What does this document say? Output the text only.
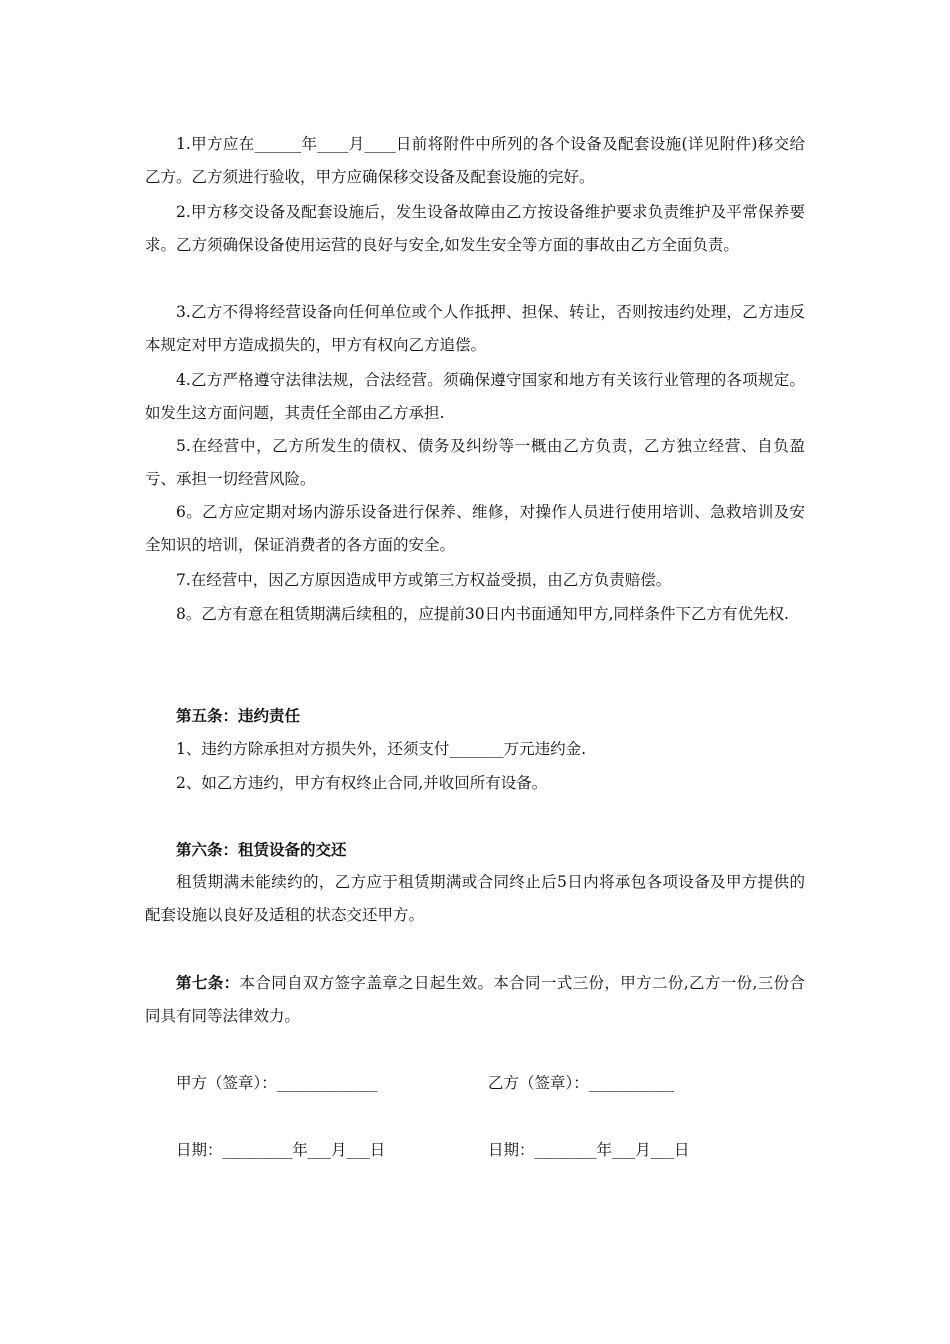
1.甲方应在______年____月____日前将附件中所列的各个设备及配套设施(详见附件)移交给乙方。乙方须进行验收，甲方应确保移交设备及配套设施的完好。

2.甲方移交设备及配套设施后，发生设备故障由乙方按设备维护要求负责维护及平常保养要求。乙方须确保设备使用运营的良好与安全,如发生安全等方面的事故由乙方全面负责。

3.乙方不得将经营设备向任何单位或个人作抵押、担保、转让，否则按违约处理，乙方违反本规定对甲方造成损失的，甲方有权向乙方追偿。

4.乙方严格遵守法律法规，合法经营。须确保遵守国家和地方有关该行业管理的各项规定。如发生这方面问题，其责任全部由乙方承担.

5.在经营中，乙方所发生的债权、债务及纠纷等一概由乙方负责，乙方独立经营、自负盈亏、承担一切经营风险。

6。乙方应定期对场内游乐设备进行保养、维修，对操作人员进行使用培训、急救培训及安全知识的培训，保证消费者的各方面的安全。

7.在经营中，因乙方原因造成甲方或第三方权益受损，由乙方负责赔偿。

8。乙方有意在租赁期满后续租的，应提前30日内书面通知甲方,同样条件下乙方有优先权.

第五条：违约责任

1、违约方除承担对方损失外，还须支付_______万元违约金.
2、如乙方违约，甲方有权终止合同,并收回所有设备。

第六条：租赁设备的交还

租赁期满未能续约的，乙方应于租赁期满或合同终止后5日内将承包各项设备及甲方提供的配套设施以良好及适租的状态交还甲方。

第七条：本合同自双方签字盖章之日起生效。本合同一式三份，甲方二份,乙方一份,三份合同具有同等法律效力。

甲方（签章）：_____________	乙方（签章）：___________
日期：_________年___月___日	日期：________年___月___日
